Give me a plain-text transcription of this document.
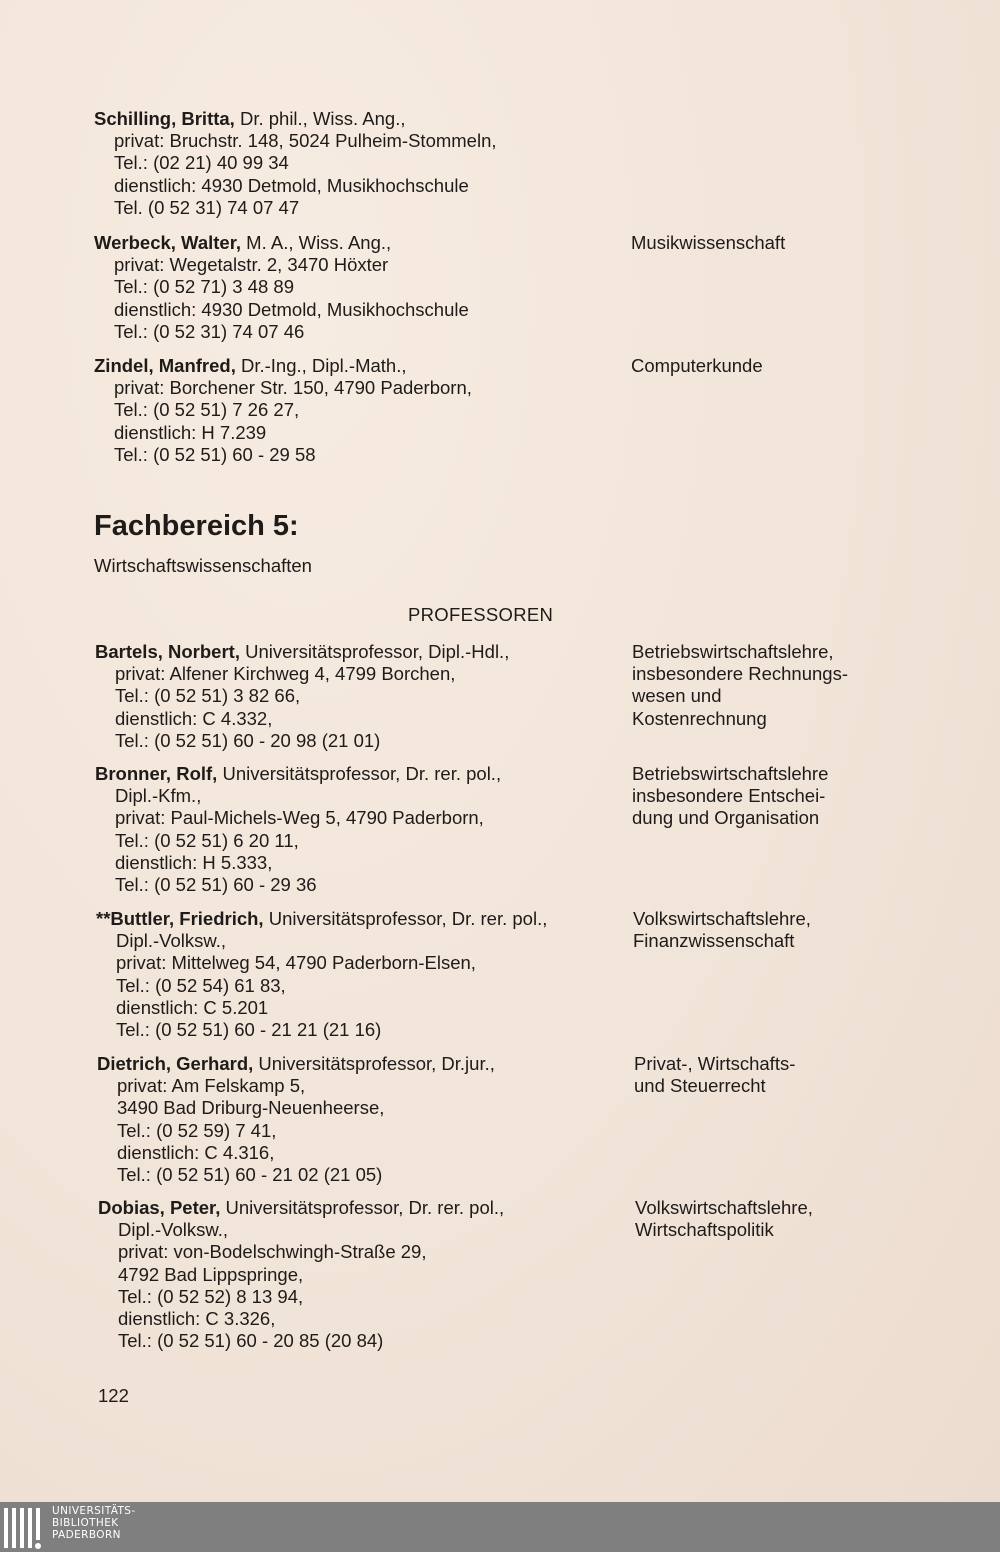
Schilling, Britta, Dr. phil., Wiss. Ang.,
privat: Bruchstr. 148, 5024 Pulheim-Stommeln,
Tel.: (02 21) 40 99 34
dienstlich: 4930 Detmold, Musikhochschule
Tel. (0 52 31) 74 07 47
Werbeck, Walter, M. A., Wiss. Ang.,
privat: Wegetalstr. 2, 3470 Höxter
Tel.: (0 52 71) 3 48 89
dienstlich: 4930 Detmold, Musikhochschule
Tel.: (0 52 31) 74 07 46
Musikwissenschaft
Zindel, Manfred, Dr.-Ing., Dipl.-Math.,
privat: Borchener Str. 150, 4790 Paderborn,
Tel.: (0 52 51) 7 26 27,
dienstlich: H 7.239
Tel.: (0 52 51) 60 - 29 58
Computerkunde
Fachbereich 5:
Wirtschaftswissenschaften
PROFESSOREN
Bartels, Norbert, Universitätsprofessor, Dipl.-Hdl.,
privat: Alfener Kirchweg 4, 4799 Borchen,
Tel.: (0 52 51) 3 82 66,
dienstlich: C 4.332,
Tel.: (0 52 51) 60 - 20 98 (21 01)
Betriebswirtschaftslehre,
insbesondere Rechnungs-
wesen und
Kostenrechnung
Bronner, Rolf, Universitätsprofessor, Dr. rer. pol.,
Dipl.-Kfm.,
privat: Paul-Michels-Weg 5, 4790 Paderborn,
Tel.: (0 52 51) 6 20 11,
dienstlich: H 5.333,
Tel.: (0 52 51) 60 - 29 36
Betriebswirtschaftslehre
insbesondere Entschei-
dung und Organisation
**Buttler, Friedrich, Universitätsprofessor, Dr. rer. pol.,
Dipl.-Volksw.,
privat: Mittelweg 54, 4790 Paderborn-Elsen,
Tel.: (0 52 54) 61 83,
dienstlich: C 5.201
Tel.: (0 52 51) 60 - 21 21 (21 16)
Volkswirtschaftslehre,
Finanzwissenschaft
Dietrich, Gerhard, Universitätsprofessor, Dr.jur.,
privat: Am Felskamp 5,
3490 Bad Driburg-Neuenheerse,
Tel.: (0 52 59) 7 41,
dienstlich: C 4.316,
Tel.: (0 52 51) 60 - 21 02 (21 05)
Privat-, Wirtschafts-
und Steuerrecht
Dobias, Peter, Universitätsprofessor, Dr. rer. pol.,
Dipl.-Volksw.,
privat: von-Bodelschwingh-Straße 29,
4792 Bad Lippspringe,
Tel.: (0 52 52) 8 13 94,
dienstlich: C 3.326,
Tel.: (0 52 51) 60 - 20 85 (20 84)
Volkswirtschaftslehre,
Wirtschaftspolitik
122
UNIVERSITÄTS-
BIBLIOTHEK
PADERBORN
